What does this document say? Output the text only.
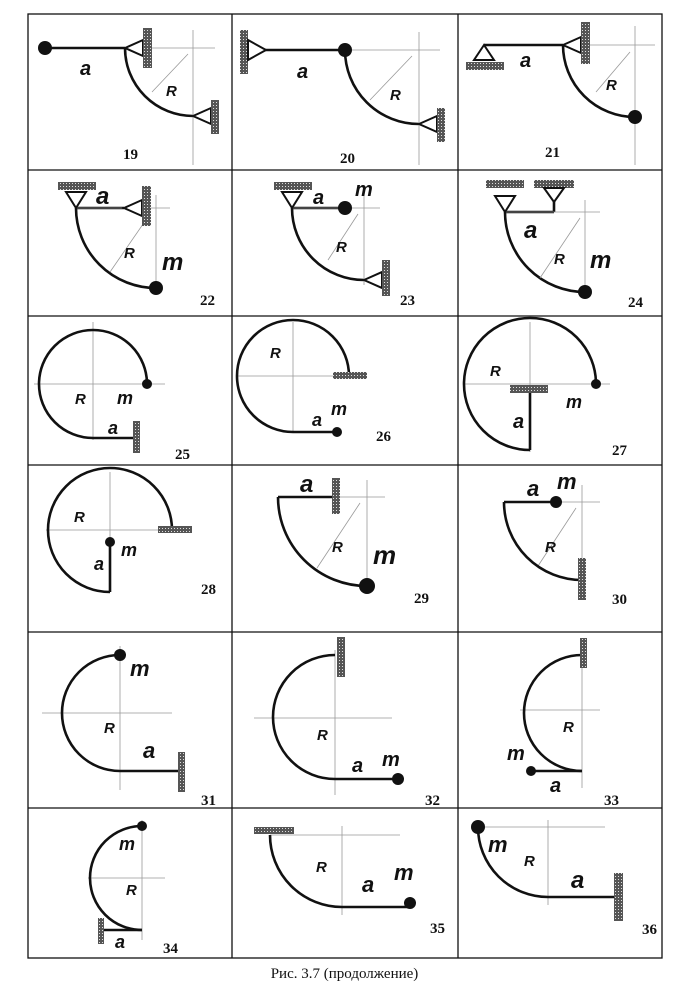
a
R
19
a
R
20
a
R
21
a
R m
22
a m
R
23
a
R m
24
R m
a
25
R
a
m
26
R
m
a
27
R
m
a
28
a
R m
29
a m
R
30
m
R
a
31
R
a m
32
R
m
a
33
m
R
a	34
R
a m
35
m
R
a
36
Рис. 3.7 (продолжение)
